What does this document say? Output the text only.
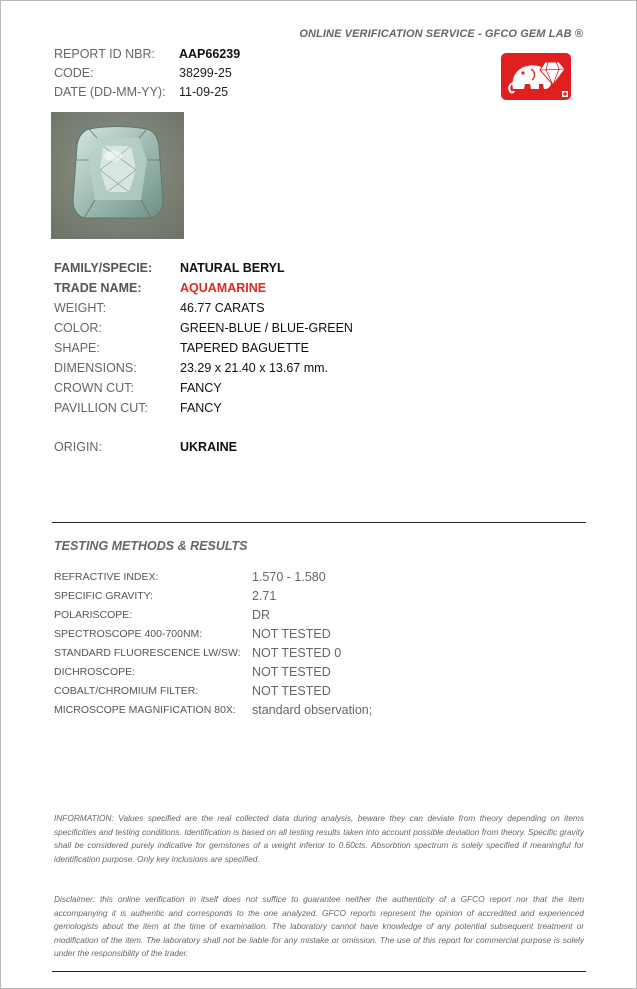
ONLINE VERIFICATION SERVICE - GFCO GEM LAB ®
REPORT ID NBR:	AAP66239
CODE:	38299-25
DATE (DD-MM-YY):	11-09-25
FAMILY/SPECIE:	NATURAL BERYL
TRADE NAME:	AQUAMARINE
WEIGHT:	46.77 CARATS
COLOR:	GREEN-BLUE / BLUE-GREEN
SHAPE:	TAPERED BAGUETTE
DIMENSIONS:	23.29 x 21.40 x 13.67 mm.
CROWN CUT:	FANCY
PAVILLION CUT:	FANCY
ORIGIN:	UKRAINE
TESTING METHODS & RESULTS
REFRACTIVE INDEX:	1.570 - 1.580
SPECIFIC GRAVITY:	2.71
POLARISCOPE:	DR
SPECTROSCOPE 400-700NM:	NOT TESTED
STANDARD FLUORESCENCE LW/SW: NOT TESTED 0
DICHROSCOPE:	NOT TESTED
COBALT/CHROMIUM FILTER:	NOT TESTED
MICROSCOPE MAGNIFICATION 80X:	standard observation;
INFORMATION: Values specified are the real collected data during analysis, beware they can deviate from theory depending on items specificities and testing conditions. Identification is based on all testing results taken into account possible deviation from theory. Specific gravity shall be considered purely indicative for gemstones of a weight inferior to 0.60cts. Absorbtion spectrum is solely specified if meaningful for identification purpose. Only key inclusions are specified.
Disclaimer: this online verification in itself does not suffice to guarantee neither the authenticity of a GFCO report nor that the item accompanying it is authentic and corresponds to the one analyzed. GFCO reports represent the opinion of accredited and experienced gemologists about the item at the time of examination. The laboratory cannot have knowledge of any potential subsequent treatment or modification of the item. The laboratory shall not be liable for any mistake or omission. The use of this report for commercial purpose is solely under the responsibility of the trader.
